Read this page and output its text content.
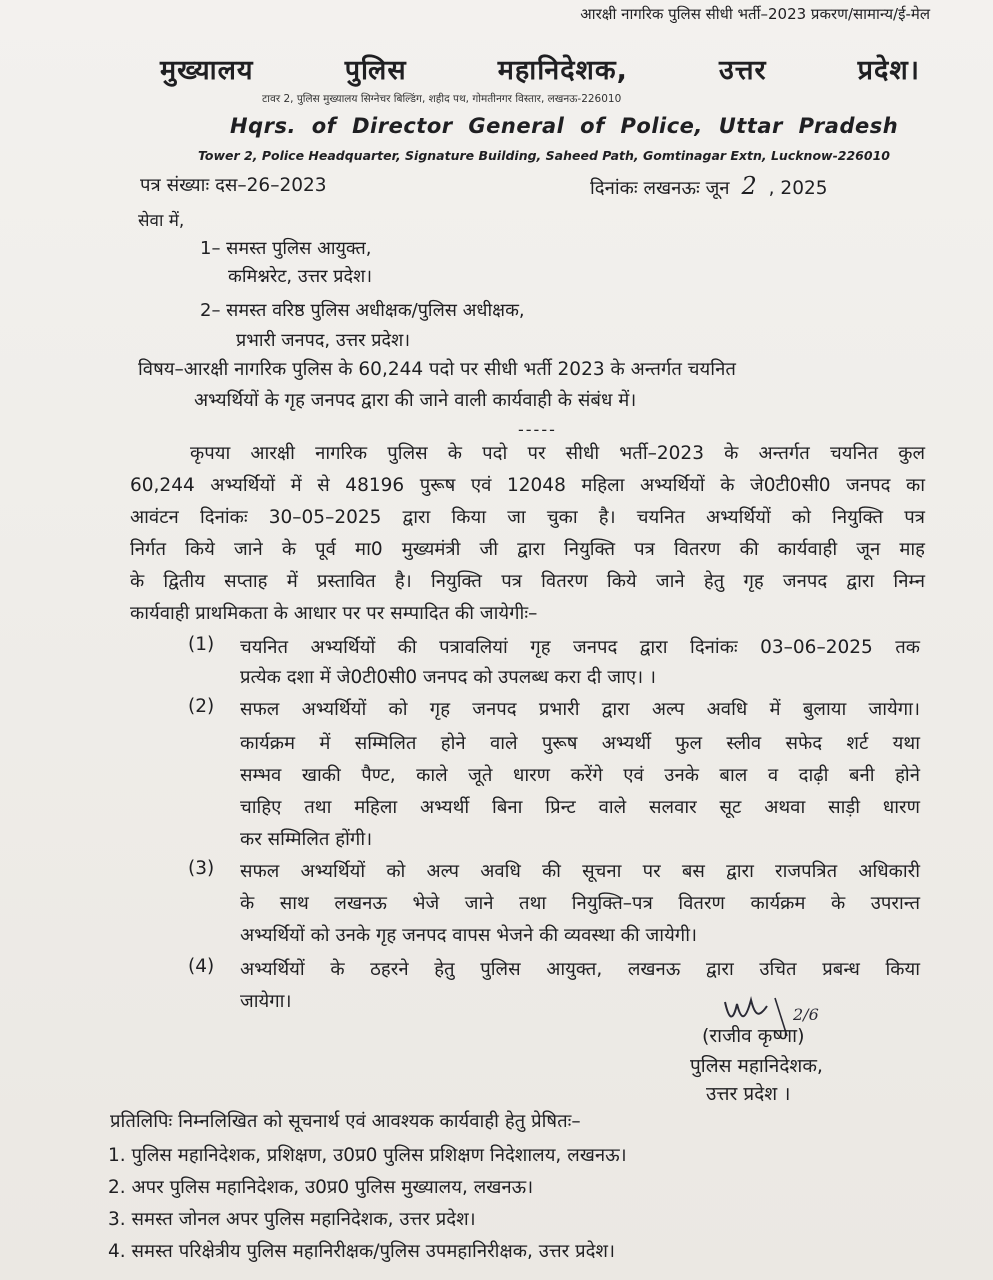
आरक्षी नागरिक पुलिस सीधी भर्ती–2023 प्रकरण/सामान्य/ई-मेल
मुख्यालय	पुलिस	महानिदेशक,	उत्तर	प्रदेश।
टावर 2, पुलिस मुख्यालय सिग्नेचर बिल्डिंग, शहीद पथ, गोमतीनगर विस्तार, लखनऊ-226010
Hqrs. of Director General of Police, Uttar Pradesh
Tower 2, Police Headquarter, Signature Building, Saheed Path, Gomtinagar Extn, Lucknow-226010
पत्र संख्याः दस–26–2023	दिनांकः लखनऊः जून 2 , 2025
सेवा में,
1– समस्त पुलिस आयुक्त,
कमिश्नरेट, उत्तर प्रदेश।
2– समस्त वरिष्ठ पुलिस अधीक्षक/पुलिस अधीक्षक,
प्रभारी जनपद, उत्तर प्रदेश।
विषय–आरक्षी नागरिक पुलिस के 60,244 पदो पर सीधी भर्ती 2023 के अन्तर्गत चयनित
अभ्यर्थियों के गृह जनपद द्वारा की जाने वाली कार्यवाही के संबंध में।
-----
कृपया आरक्षी नागरिक पुलिस के पदो पर सीधी भर्ती–2023 के अन्तर्गत चयनित कुल
60,244 अभ्यर्थियों में से 48196 पुरूष एवं 12048 महिला अभ्यर्थियों के जे0टी0सी0 जनपद का
आवंटन दिनांकः 30–05–2025 द्वारा किया जा चुका है। चयनित अभ्यर्थियों को नियुक्ति पत्र
निर्गत किये जाने के पूर्व मा0 मुख्यमंत्री जी द्वारा नियुक्ति पत्र वितरण की कार्यवाही जून माह
के द्वितीय सप्ताह में प्रस्तावित है। नियुक्ति पत्र वितरण किये जाने हेतु गृह जनपद द्वारा निम्न
कार्यवाही प्राथमिकता के आधार पर पर सम्पादित की जायेगीः–
(1) चयनित अभ्यर्थियों की पत्रावलियां गृह जनपद द्वारा दिनांकः 03–06–2025 तक
प्रत्येक दशा में जे0टी0सी0 जनपद को उपलब्ध करा दी जाए। ।
(2) सफल अभ्यर्थियों को गृह जनपद प्रभारी द्वारा अल्प अवधि में बुलाया जायेगा।
कार्यक्रम में सम्मिलित होने वाले पुरूष अभ्यर्थी फुल स्लीव सफेद शर्ट यथा
सम्भव खाकी पैण्ट, काले जूते धारण करेंगे एवं उनके बाल व दाढ़ी बनी होने
चाहिए तथा महिला अभ्यर्थी बिना प्रिन्ट वाले सलवार सूट अथवा साड़ी धारण
कर सम्मिलित होंगी।
(3) सफल अभ्यर्थियों को अल्प अवधि की सूचना पर बस द्वारा राजपत्रित अधिकारी
के साथ लखनऊ भेजे जाने तथा नियुक्ति–पत्र वितरण कार्यक्रम के उपरान्त
अभ्यर्थियों को उनके गृह जनपद वापस भेजने की व्यवस्था की जायेगी।
(4) अभ्यर्थियों के ठहरने हेतु पुलिस आयुक्त, लखनऊ द्वारा उचित प्रबन्ध किया
जायेगा।
2/6
(राजीव कृष्णा)
पुलिस महानिदेशक,
उत्तर प्रदेश ।
प्रतिलिपिः निम्नलिखित को सूचनार्थ एवं आवश्यक कार्यवाही हेतु प्रेषितः–
1. पुलिस महानिदेशक, प्रशिक्षण, उ0प्र0 पुलिस प्रशिक्षण निदेशालय, लखनऊ।
2. अपर पुलिस महानिदेशक, उ0प्र0 पुलिस मुख्यालय, लखनऊ।
3. समस्त जोनल अपर पुलिस महानिदेशक, उत्तर प्रदेश।
4. समस्त परिक्षेत्रीय पुलिस महानिरीक्षक/पुलिस उपमहानिरीक्षक, उत्तर प्रदेश।
